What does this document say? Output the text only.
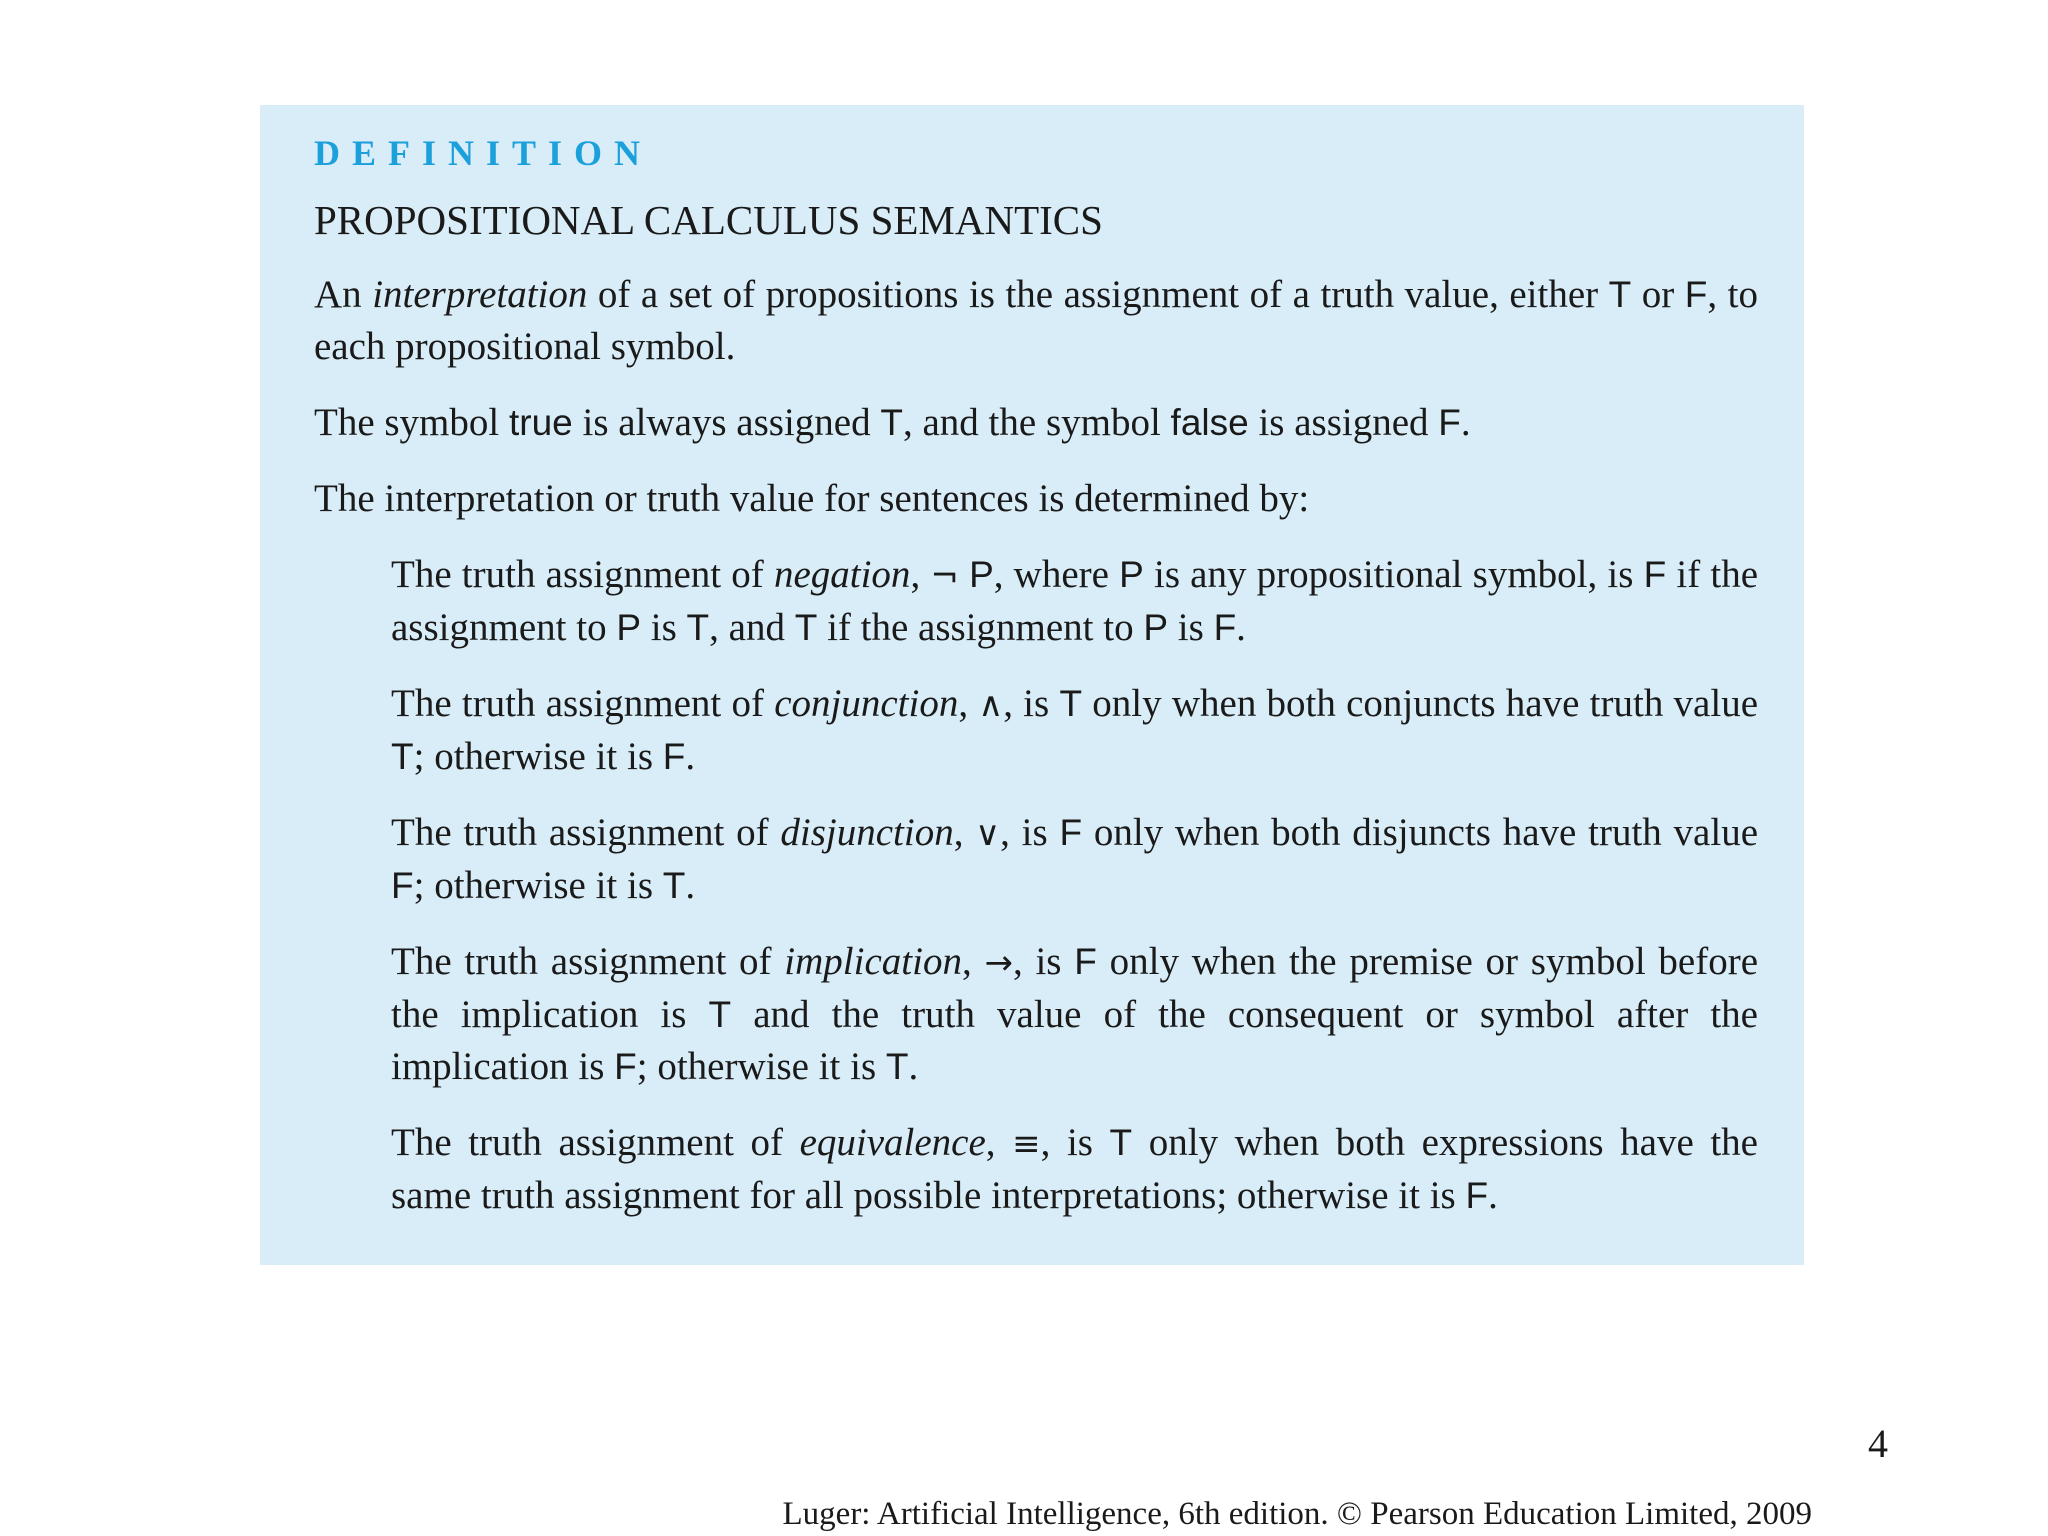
DEFINITION
PROPOSITIONAL CALCULUS SEMANTICS

An interpretation of a set of propositions is the assignment of a truth value, either T or F, to each propositional symbol.

The symbol true is always assigned T, and the symbol false is assigned F.

The interpretation or truth value for sentences is determined by:

The truth assignment of negation, ¬ P, where P is any propositional symbol, is F if the assignment to P is T, and T if the assignment to P is F.

The truth assignment of conjunction, ∧, is T only when both conjuncts have truth value T; otherwise it is F.

The truth assignment of disjunction, ∨, is F only when both disjuncts have truth value F; otherwise it is T.

The truth assignment of implication, →, is F only when the premise or symbol before the implication is T and the truth value of the consequent or symbol after the implication is F; otherwise it is T.

The truth assignment of equivalence, ≡, is T only when both expressions have the same truth assignment for all possible interpretations; otherwise it is F.

4
Luger: Artificial Intelligence, 6th edition. © Pearson Education Limited, 2009
